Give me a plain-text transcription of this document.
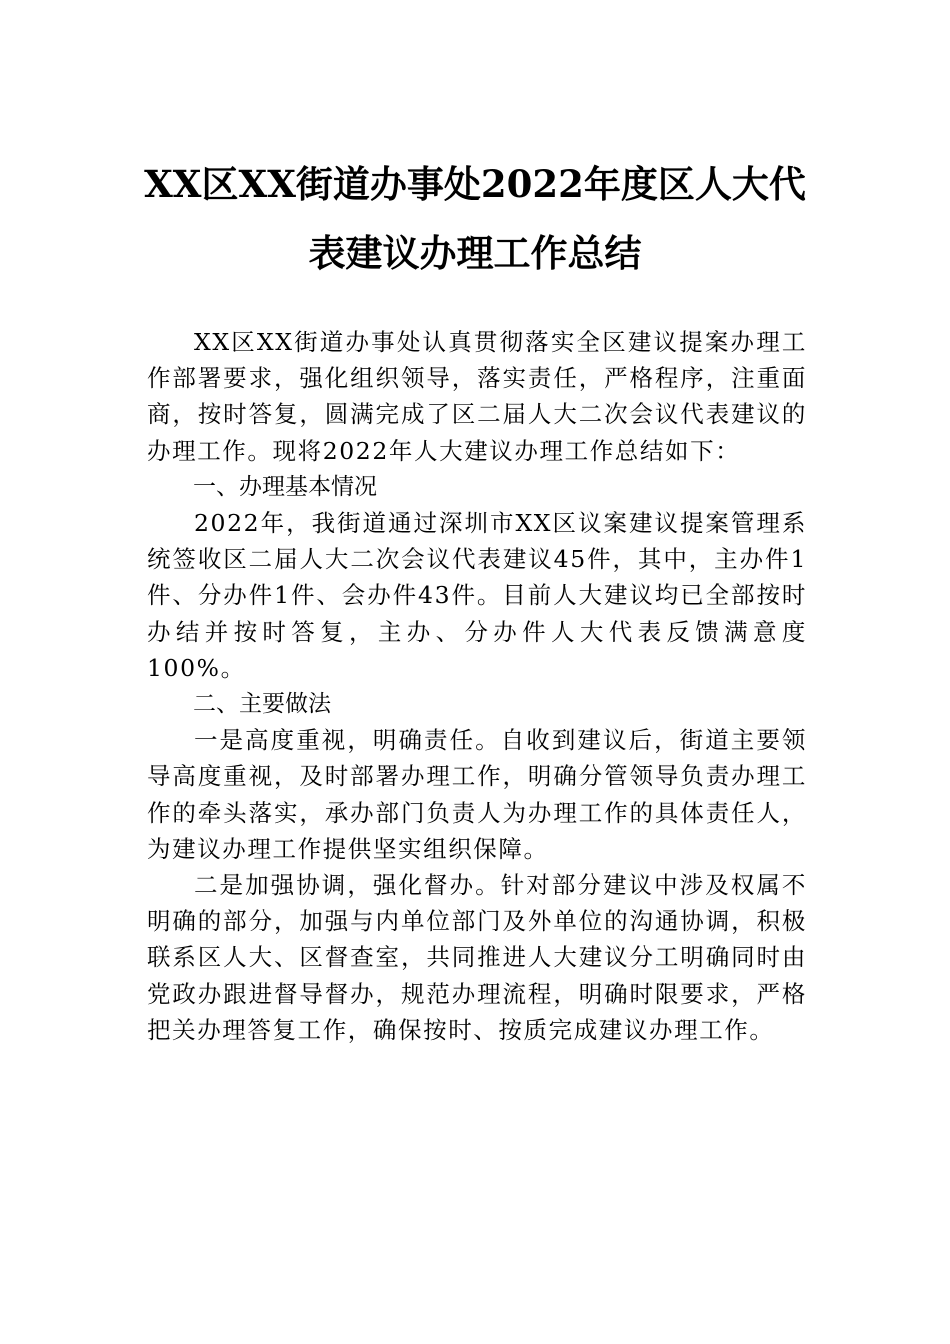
XX区XX街道办事处2022年度区人大代
表建议办理工作总结

XX区XX街道办事处认真贯彻落实全区建议提案办理工作部署要求，强化组织领导，落实责任，严格程序，注重面商，按时答复，圆满完成了区二届人大二次会议代表建议的办理工作。现将2022年人大建议办理工作总结如下：

一、办理基本情况

2022年，我街道通过深圳市XX区议案建议提案管理系统签收区二届人大二次会议代表建议45件，其中，主办件1件、分办件1件、会办件43件。目前人大建议均已全部按时办结并按时答复，主办、分办件人大代表反馈满意度100%。

二、主要做法

一是高度重视，明确责任。自收到建议后，街道主要领导高度重视，及时部署办理工作，明确分管领导负责办理工作的牵头落实，承办部门负责人为办理工作的具体责任人，为建议办理工作提供坚实组织保障。

二是加强协调，强化督办。针对部分建议中涉及权属不明确的部分，加强与内单位部门及外单位的沟通协调，积极联系区人大、区督查室，共同推进人大建议分工明确同时由党政办跟进督导督办，规范办理流程，明确时限要求，严格把关办理答复工作，确保按时、按质完成建议办理工作。
